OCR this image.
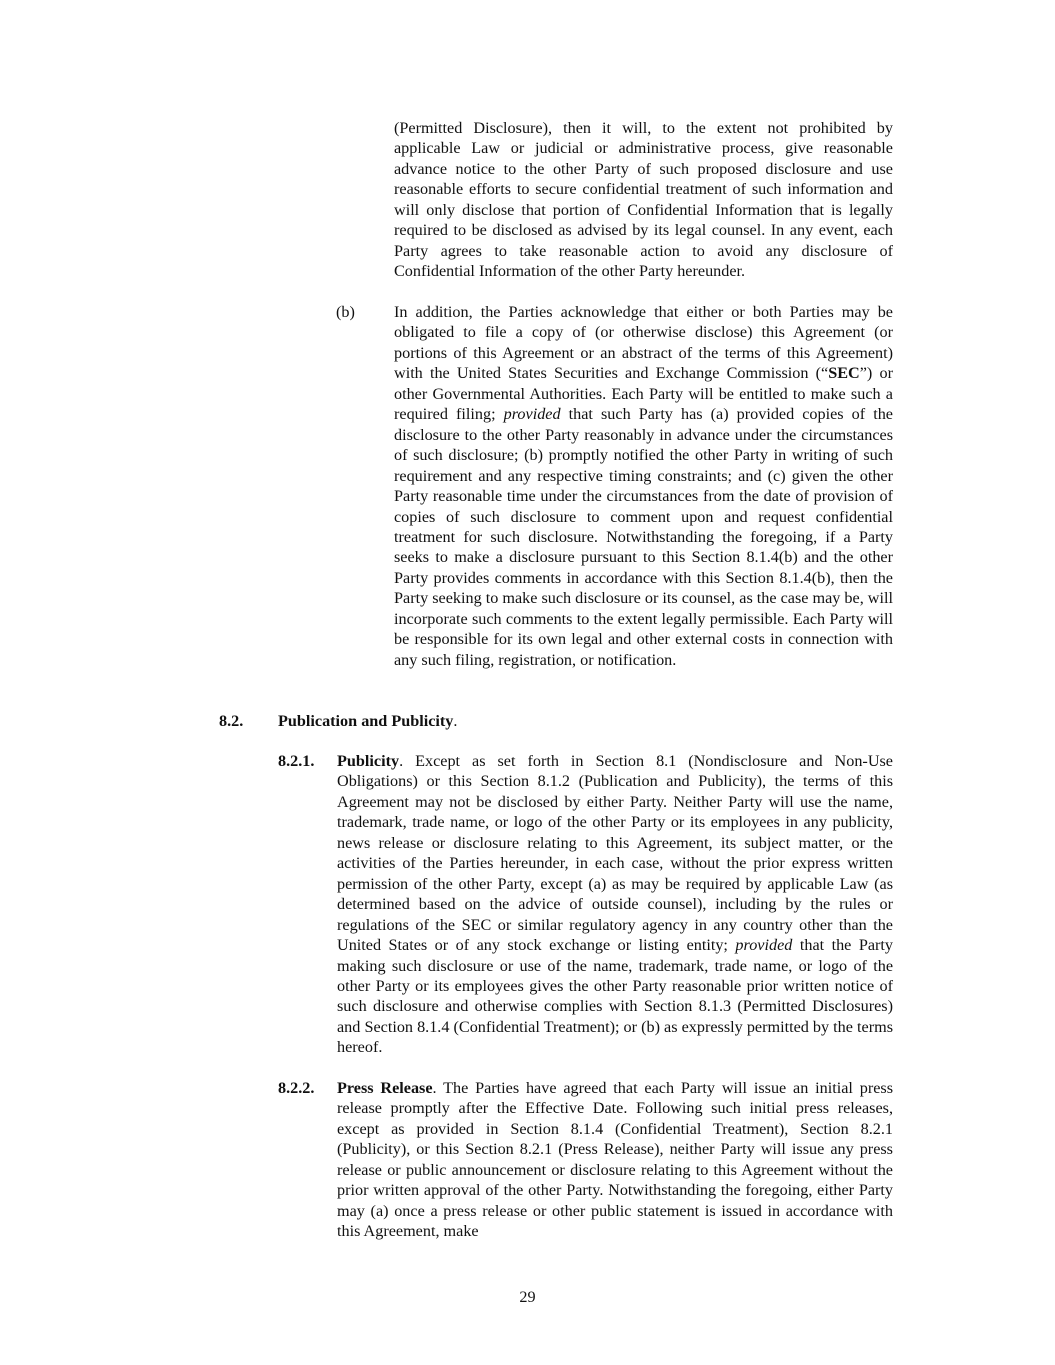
(Permitted Disclosure), then it will, to the extent not prohibited by applicable Law or judicial or administrative process, give reasonable advance notice to the other Party of such proposed disclosure and use reasonable efforts to secure confidential treatment of such information and will only disclose that portion of Confidential Information that is legally required to be disclosed as advised by its legal counsel. In any event, each Party agrees to take reasonable action to avoid any disclosure of Confidential Information of the other Party hereunder.

(b) In addition, the Parties acknowledge that either or both Parties may be obligated to file a copy of (or otherwise disclose) this Agreement (or portions of this Agreement or an abstract of the terms of this Agreement) with the United States Securities and Exchange Commission (“SEC”) or other Governmental Authorities. Each Party will be entitled to make such a required filing; provided that such Party has (a) provided copies of the disclosure to the other Party reasonably in advance under the circumstances of such disclosure; (b) promptly notified the other Party in writing of such requirement and any respective timing constraints; and (c) given the other Party reasonable time under the circumstances from the date of provision of copies of such disclosure to comment upon and request confidential treatment for such disclosure. Notwithstanding the foregoing, if a Party seeks to make a disclosure pursuant to this Section 8.1.4(b) and the other Party provides comments in accordance with this Section 8.1.4(b), then the Party seeking to make such disclosure or its counsel, as the case may be, will incorporate such comments to the extent legally permissible. Each Party will be responsible for its own legal and other external costs in connection with any such filing, registration, or notification.

8.2. Publication and Publicity.
8.2.1. Publicity. Except as set forth in Section 8.1 (Nondisclosure and Non-Use Obligations) or this Section 8.1.2 (Publication and Publicity), the terms of this Agreement may not be disclosed by either Party. Neither Party will use the name, trademark, trade name, or logo of the other Party or its employees in any publicity, news release or disclosure relating to this Agreement, its subject matter, or the activities of the Parties hereunder, in each case, without the prior express written permission of the other Party, except (a) as may be required by applicable Law (as determined based on the advice of outside counsel), including by the rules or regulations of the SEC or similar regulatory agency in any country other than the United States or of any stock exchange or listing entity; provided that the Party making such disclosure or use of the name, trademark, trade name, or logo of the other Party or its employees gives the other Party reasonable prior written notice of such disclosure and otherwise complies with Section 8.1.3 (Permitted Disclosures) and Section 8.1.4 (Confidential Treatment); or (b) as expressly permitted by the terms hereof.

8.2.2. Press Release. The Parties have agreed that each Party will issue an initial press release promptly after the Effective Date. Following such initial press releases, except as provided in Section 8.1.4 (Confidential Treatment), Section 8.2.1 (Publicity), or this Section 8.2.1 (Press Release), neither Party will issue any press release or public announcement or disclosure relating to this Agreement without the prior written approval of the other Party. Notwithstanding the foregoing, either Party may (a) once a press release or other public statement is issued in accordance with this Agreement, make

29
